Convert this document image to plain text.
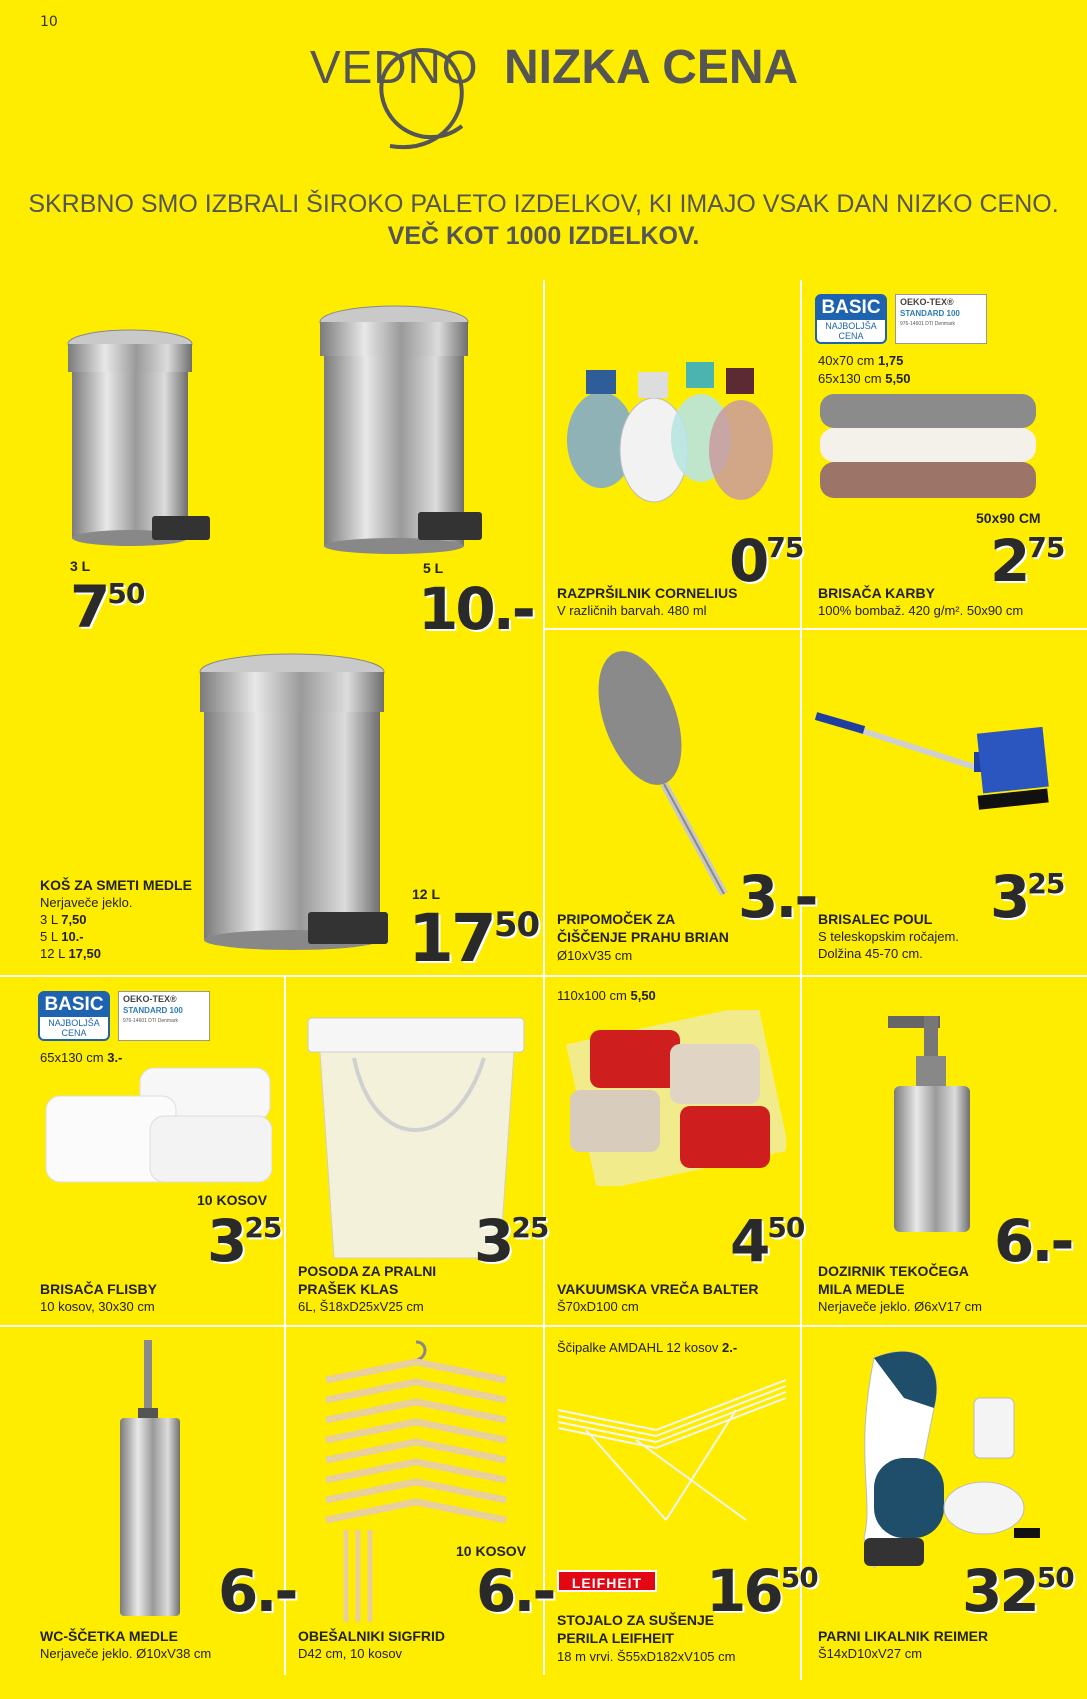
10
VEDNO NIZKA CENA
SKRBNO SMO IZBRALI ŠIROKO PALETO IZDELKOV, KI IMAJO VSAK DAN NIZKO CENO.
VEČ KOT 1000 IZDELKOV.
3 L
750
5 L
10.-
KOŠ ZA SMETI MEDLE
Nerjaveče jeklo.
3 L 7,50
5 L 10.-
12 L 17,50
12 L
1750
075
RAZPRŠILNIK CORNELIUS
V različnih barvah. 480 ml
BASIC
NAJBOLJŠA
CENA
OEKO-TEX®
STANDARD 100
976-14601 DTI Denmark
40x70 cm 1,75
65x130 cm 5,50
50x90 CM
275
BRISAČA KARBY
100% bombaž. 420 g/m². 50x90 cm
3.-
PRIPOMOČEK ZA
ČIŠČENJE PRAHU BRIAN
Ø10xV35 cm
325
BRISALEC POUL
S teleskopskim ročajem.
Dolžina 45-70 cm.
BASIC
NAJBOLJŠA
CENA
OEKO-TEX®
STANDARD 100
976-14601 DTI Denmark
65x130 cm 3.-
10 KOSOV
325
BRISAČA FLISBY
10 kosov, 30x30 cm
325
POSODA ZA PRALNI
PRAŠEK KLAS
6L, Š18xD25xV25 cm
110x100 cm 5,50
450
VAKUUMSKA VREČA BALTER
Š70xD100 cm
6.-
DOZIRNIK TEKOČEGA
MILA MEDLE
Nerjaveče jeklo. Ø6xV17 cm
6.-
WC-ŠČETKA MEDLE
Nerjaveče jeklo. Ø10xV38 cm
10 KOSOV
6.-
OBEŠALNIKI SIGFRID
D42 cm, 10 kosov
Ščipalke AMDAHL 12 kosov 2.-
LEIFHEIT 1650
STOJALO ZA SUŠENJE
PERILA LEIFHEIT
18 m vrvi. Š55xD182xV105 cm
3250
PARNI LIKALNIK REIMER
Š14xD10xV27 cm
